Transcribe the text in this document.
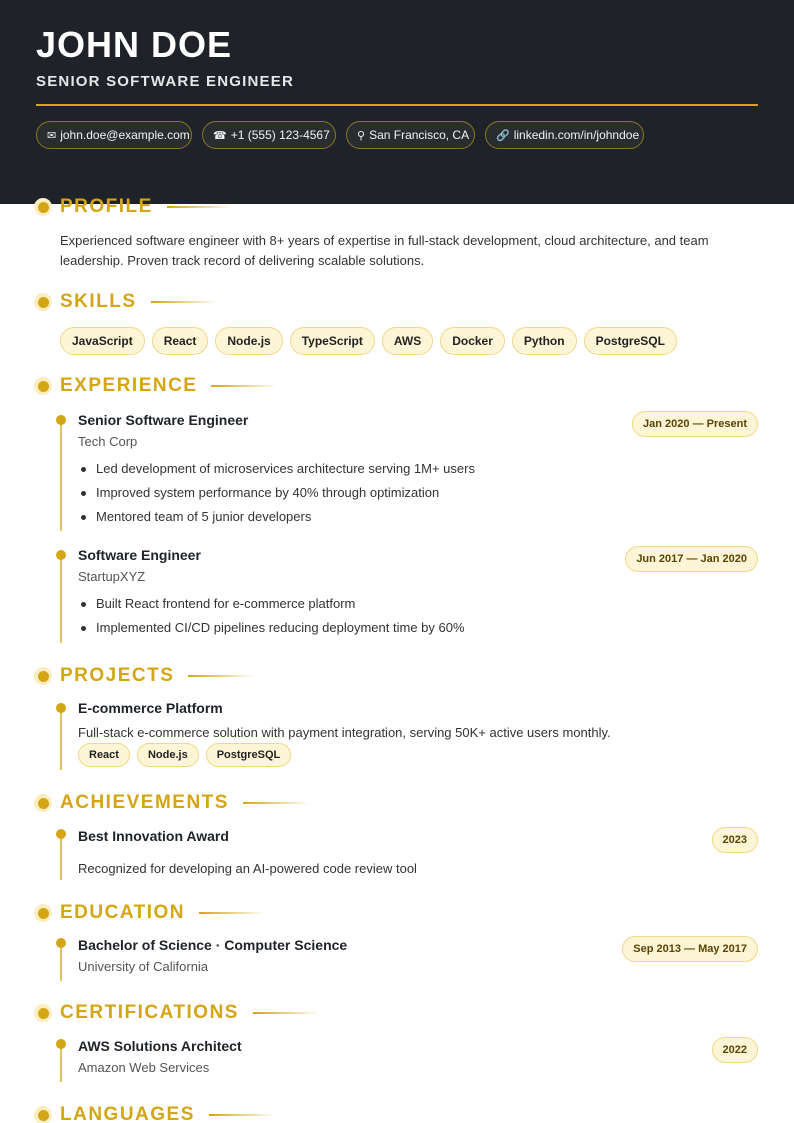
JOHN DOE
SENIOR SOFTWARE ENGINEER
✉ john.doe@example.com ☎ +1 (555) 123-4567 ⚲ San Francisco, CA 🔗 linkedin.com/in/johndoe
PROFILE
Experienced software engineer with 8+ years of expertise in full-stack development, cloud architecture, and team leadership. Proven track record of delivering scalable solutions.
SKILLS
JavaScript	React	Node.js	TypeScript	AWS	Docker	Python	PostgreSQL
EXPERIENCE
Senior Software Engineer
Tech Corp
Jan 2020 — Present
Led development of microservices architecture serving 1M+ users
Improved system performance by 40% through optimization
Mentored team of 5 junior developers
Software Engineer
StartupXYZ
Jun 2017 — Jan 2020
Built React frontend for e-commerce platform
Implemented CI/CD pipelines reducing deployment time by 60%
PROJECTS
E-commerce Platform
Full-stack e-commerce solution with payment integration, serving 50K+ active users monthly.
React	Node.js	PostgreSQL
ACHIEVEMENTS
Best Innovation Award	2023
Recognized for developing an AI-powered code review tool
EDUCATION
Bachelor of Science · Computer Science
University of California
Sep 2013 — May 2017
CERTIFICATIONS
AWS Solutions Architect
Amazon Web Services
2022
LANGUAGES
